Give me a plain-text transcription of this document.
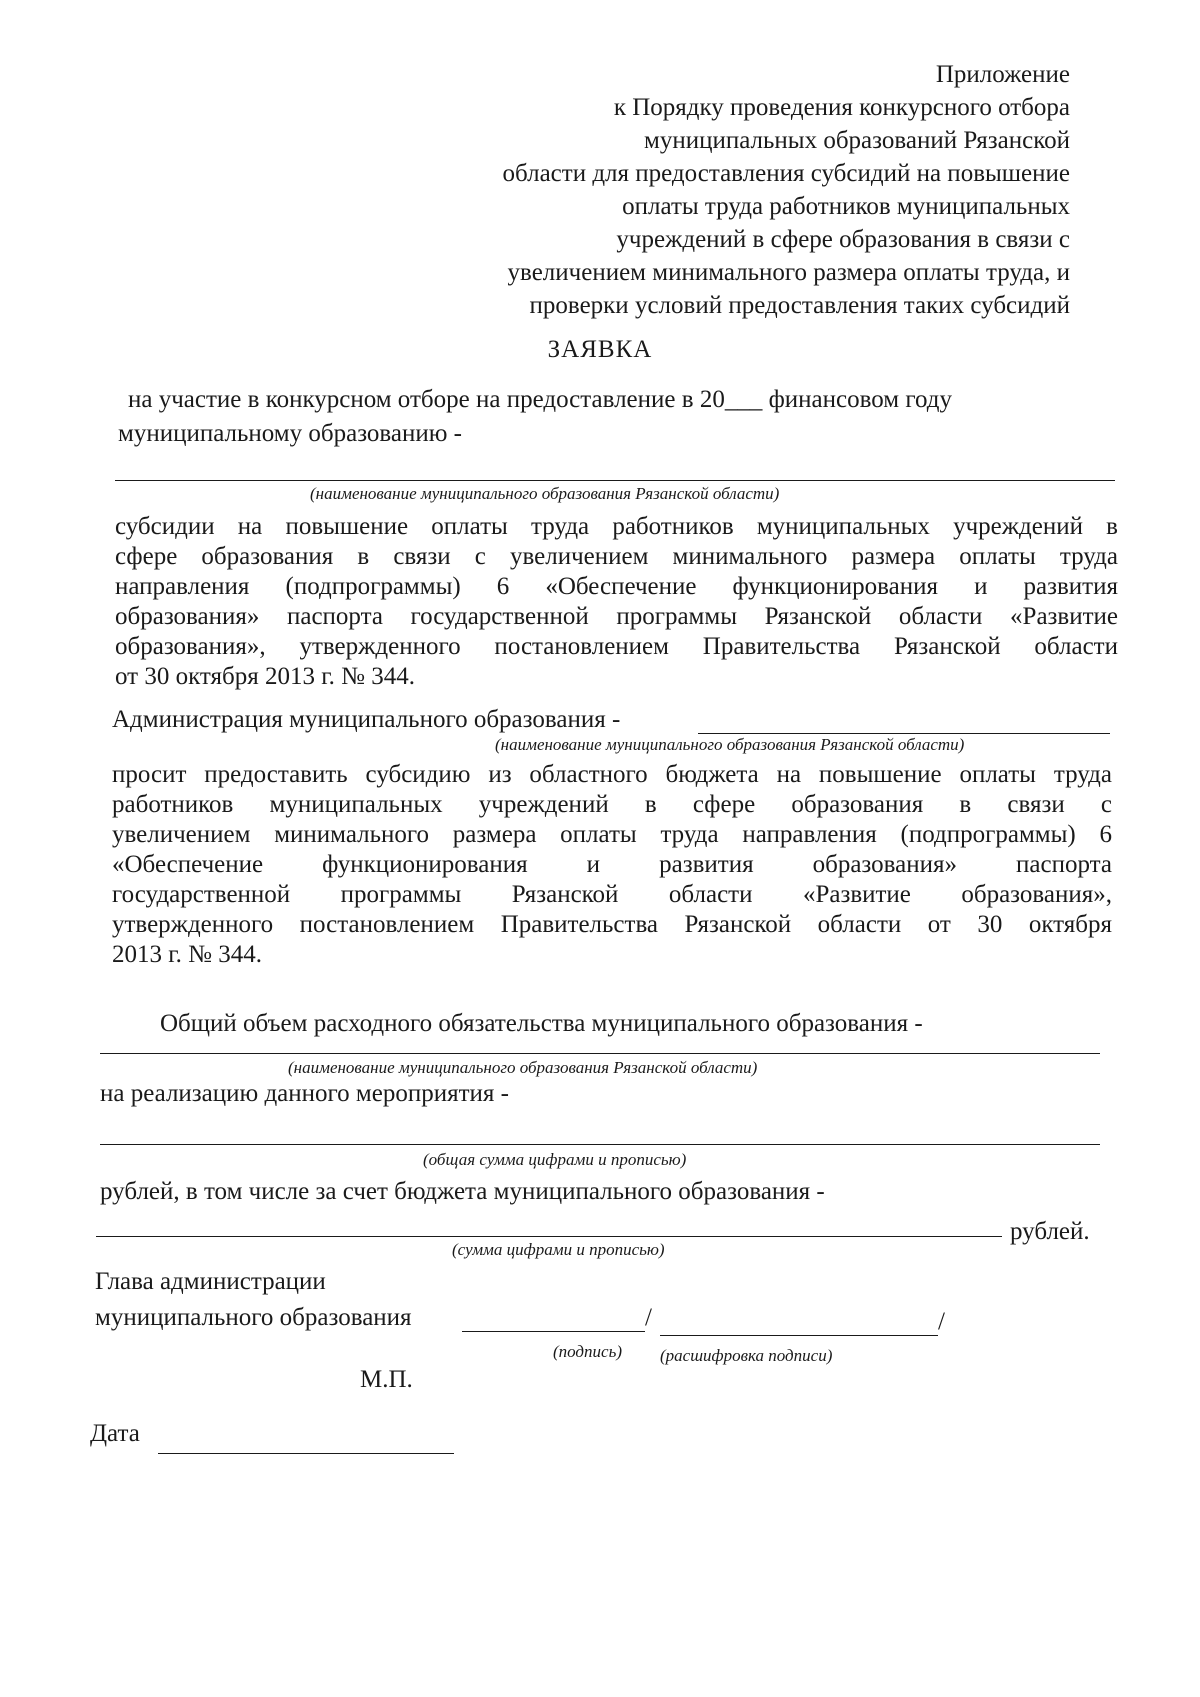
Приложение
к Порядку проведения конкурсного отбора
муниципальных образований Рязанской
области для предоставления субсидий на повышение
оплаты труда работников муниципальных
учреждений в сфере образования в связи с
увеличением минимального размера оплаты труда, и
проверки условий предоставления таких субсидий
ЗАЯВКА
на участие в конкурсном отборе на предоставление в 20___ финансовом году
муниципальному образованию -
(наименование муниципального образования Рязанской области)
субсидии на повышение оплаты труда работников муниципальных учреждений в
сфере образования в связи с увеличением минимального размера оплаты труда
направления (подпрограммы) 6 «Обеспечение функционирования и развития
образования» паспорта государственной программы Рязанской области «Развитие
образования», утвержденного постановлением Правительства Рязанской области
от 30 октября 2013 г. № 344.
Администрация муниципального образования -
(наименование муниципального образования Рязанской области)
просит предоставить субсидию из областного бюджета на повышение оплаты труда
работников муниципальных учреждений в сфере образования в связи с
увеличением минимального размера оплаты труда направления (подпрограммы) 6
«Обеспечение функционирования и развития образования» паспорта
государственной программы Рязанской области «Развитие образования»,
утвержденного постановлением Правительства Рязанской области от 30 октября
2013 г. № 344.
Общий объем расходного обязательства муниципального образования -
(наименование муниципального образования Рязанской области)
на реализацию данного мероприятия -
(общая сумма цифрами и прописью)
рублей, в том числе за счет бюджета муниципального образования -
рублей.
(сумма цифрами и прописью)
Глава администрации
муниципального образования	/	/
(подпись) (расшифровка подписи)
М.П.
Дата
